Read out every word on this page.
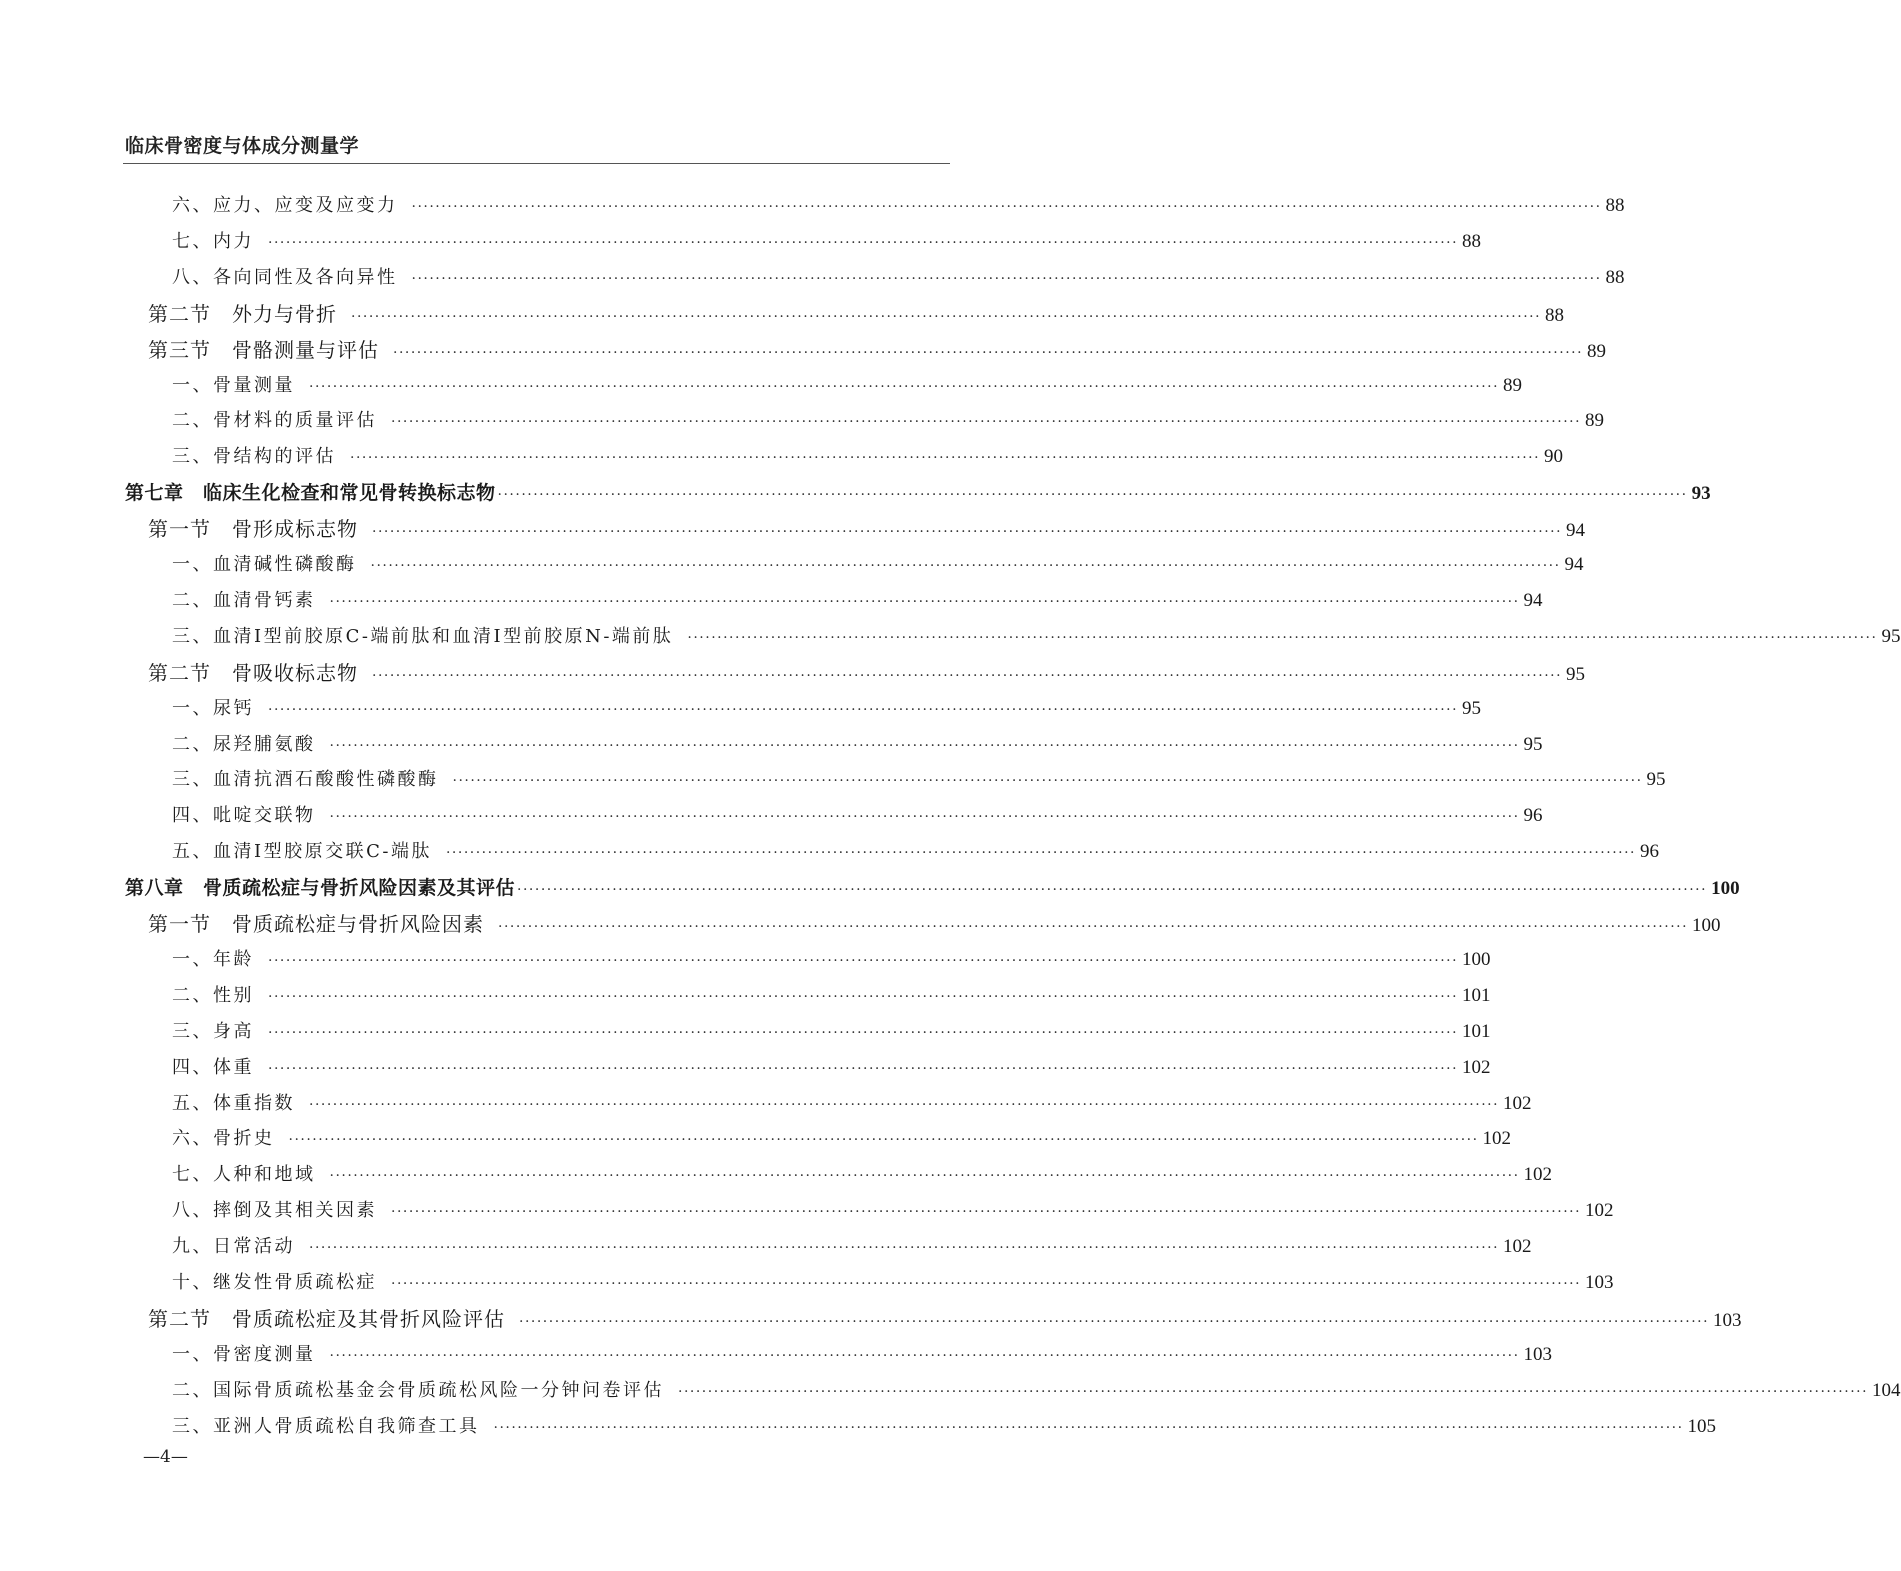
临床骨密度与体成分测量学
六、应力、应变及应变力 ········································································································································································································ 88
七、内力 ········································································································································································································ 88
八、各向同性及各向异性 ········································································································································································································ 88
第二节　外力与骨折 ········································································································································································································ 88
第三节　骨骼测量与评估 ········································································································································································································ 89
一、骨量测量 ········································································································································································································ 89
二、骨材料的质量评估 ········································································································································································································ 89
三、骨结构的评估 ········································································································································································································ 90
第七章　临床生化检查和常见骨转换标志物 ········································································································································································································ 93
第一节　骨形成标志物 ········································································································································································································ 94
一、血清碱性磷酸酶 ········································································································································································································ 94
二、血清骨钙素 ········································································································································································································ 94
三、血清Ⅰ型前胶原C-端前肽和血清Ⅰ型前胶原N-端前肽 ········································································································································································································ 95
第二节　骨吸收标志物 ········································································································································································································ 95
一、尿钙 ········································································································································································································ 95
二、尿羟脯氨酸 ········································································································································································································ 95
三、血清抗酒石酸酸性磷酸酶 ········································································································································································································ 95
四、吡啶交联物 ········································································································································································································ 96
五、血清Ⅰ型胶原交联C-端肽 ········································································································································································································ 96
第八章　骨质疏松症与骨折风险因素及其评估 ········································································································································································································ 100
第一节　骨质疏松症与骨折风险因素 ········································································································································································································ 100
一、年龄 ········································································································································································································ 100
二、性别 ········································································································································································································ 101
三、身高 ········································································································································································································ 101
四、体重 ········································································································································································································ 102
五、体重指数 ········································································································································································································ 102
六、骨折史 ········································································································································································································ 102
七、人种和地域 ········································································································································································································ 102
八、摔倒及其相关因素 ········································································································································································································ 102
九、日常活动 ········································································································································································································ 102
十、继发性骨质疏松症 ········································································································································································································ 103
第二节　骨质疏松症及其骨折风险评估 ········································································································································································································ 103
一、骨密度测量 ········································································································································································································ 103
二、国际骨质疏松基金会骨质疏松风险一分钟问卷评估 ········································································································································································································ 104
三、亚洲人骨质疏松自我筛查工具 ········································································································································································································ 105
—4—
